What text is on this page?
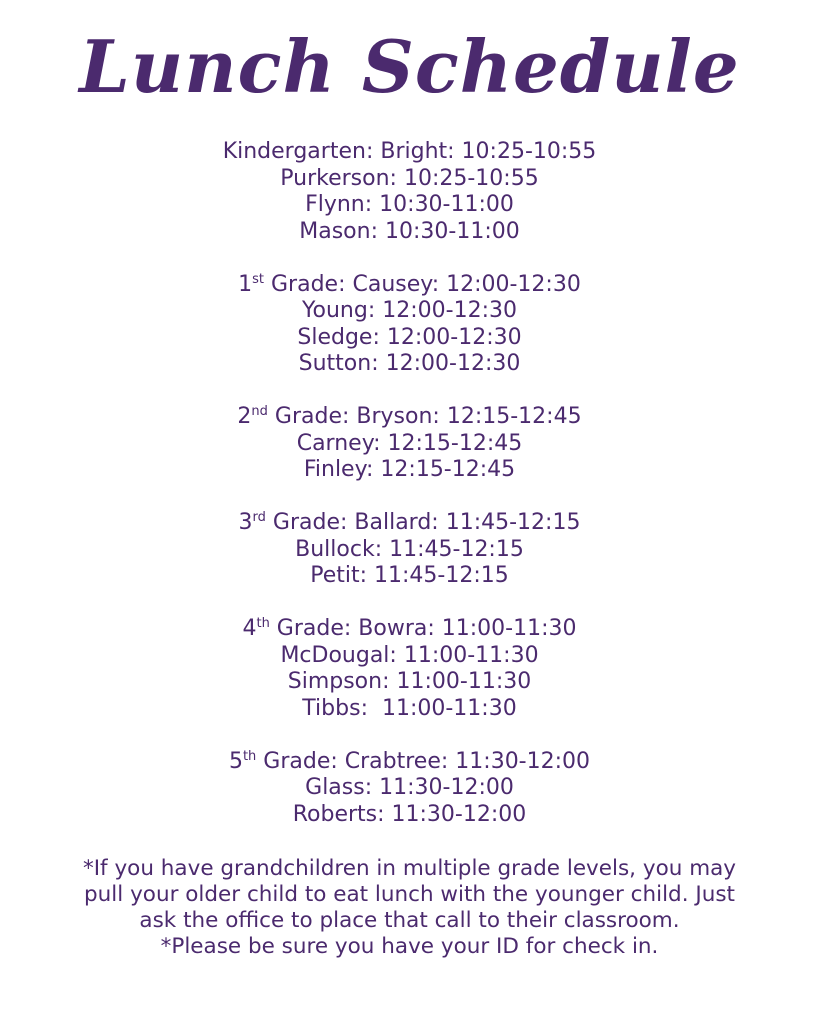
Lunch Schedule
Kindergarten: Bright: 10:25-10:55
Purkerson: 10:25-10:55
Flynn: 10:30-11:00
Mason: 10:30-11:00
1st Grade: Causey: 12:00-12:30
Young: 12:00-12:30
Sledge: 12:00-12:30
Sutton: 12:00-12:30
2nd Grade: Bryson: 12:15-12:45
Carney: 12:15-12:45
Finley: 12:15-12:45
3rd Grade: Ballard: 11:45-12:15
Bullock: 11:45-12:15
Petit: 11:45-12:15
4th Grade: Bowra: 11:00-11:30
McDougal: 11:00-11:30
Simpson: 11:00-11:30
Tibbs:  11:00-11:30
5th Grade: Crabtree: 11:30-12:00
Glass: 11:30-12:00
Roberts: 11:30-12:00
*If you have grandchildren in multiple grade levels, you may
pull your older child to eat lunch with the younger child. Just
ask the office to place that call to their classroom.
*Please be sure you have your ID for check in.
